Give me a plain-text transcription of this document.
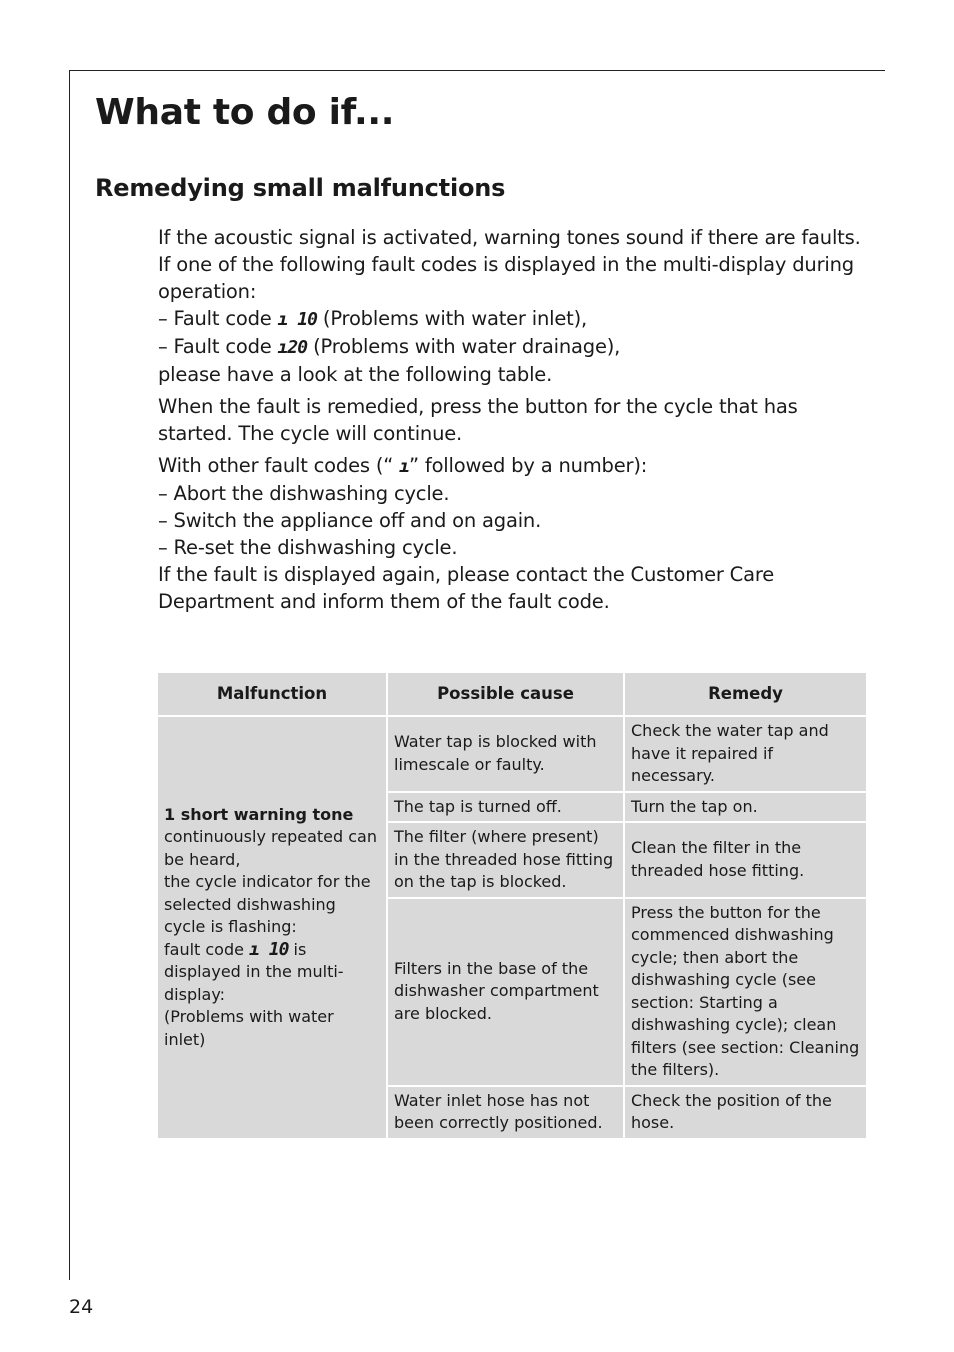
What to do if...
Remedying small malfunctions

If the acoustic signal is activated, warning tones sound if there are faults.

If one of the following fault codes is displayed in the multi-display during operation:

– Fault code ı 10 (Problems with water inlet),

– Fault code ı20 (Problems with water drainage),

please have a look at the following table.

When the fault is remedied, press the button for the cycle that has started. The cycle will continue.

With other fault codes (“ ı” followed by a number):

– Abort the dishwashing cycle.

– Switch the appliance off and on again.

– Re-set the dishwashing cycle.

If the fault is displayed again, please contact the Customer Care Department and inform them of the fault code.

Malfunction	Possible cause	Remedy

1 short warning tone
continuously repeated can be heard,
the cycle indicator for the selected dishwashing cycle is flashing:
fault code ı 10 is displayed in the multi-display:
(Problems with water inlet)	Water tap is blocked with limescale or faulty.	Check the water tap and have it repaired if necessary.
	The tap is turned off.	Turn the tap on.
	The filter (where present) in the threaded hose fitting on the tap is blocked.	Clean the filter in the threaded hose fitting.
	Filters in the base of the dishwasher compartment are blocked.	Press the button for the commenced dishwashing cycle; then abort the dishwashing cycle (see section: Starting a dishwashing cycle); clean filters (see section: Cleaning the filters).
	Water inlet hose has not been correctly positioned.	Check the position of the hose.
24
